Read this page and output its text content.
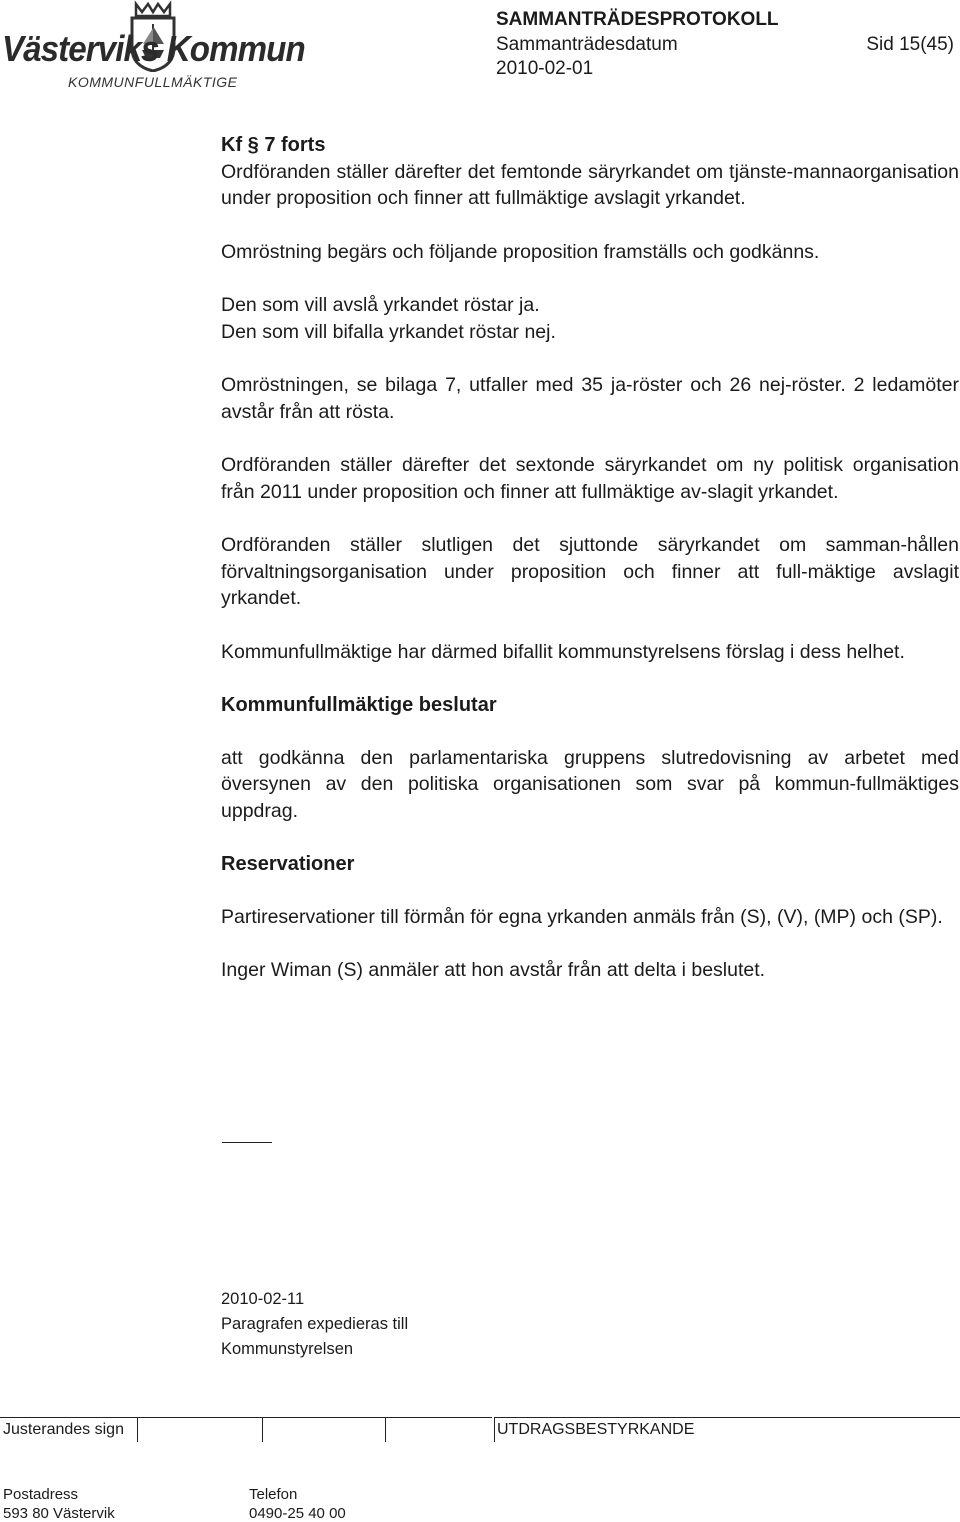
Västerviks Kommun
KOMMUNFULLMÄKTIGE
SAMMANTRÄDESPROTOKOLL
Sammanträdesdatum	Sid 15(45)
2010-02-01

Kf § 7 forts

Ordföranden ställer därefter det femtonde säryrkandet om tjänste-mannaorganisation under proposition och finner att fullmäktige avslagit yrkandet.

Omröstning begärs och följande proposition framställs och godkänns.

Den som vill avslå yrkandet röstar ja.

Den som vill bifalla yrkandet röstar nej.

Omröstningen, se bilaga 7, utfaller med 35 ja-röster och 26 nej-röster. 2 ledamöter avstår från att rösta.

Ordföranden ställer därefter det sextonde säryrkandet om ny politisk organisation från 2011 under proposition och finner att fullmäktige av-slagit yrkandet.

Ordföranden ställer slutligen det sjuttonde säryrkandet om samman-hållen förvaltningsorganisation under proposition och finner att full-mäktige avslagit yrkandet.

Kommunfullmäktige har därmed bifallit kommunstyrelsens förslag i dess helhet.

Kommunfullmäktige beslutar

att godkänna den parlamentariska gruppens slutredovisning av arbetet med översynen av den politiska organisationen som svar på kommun-fullmäktiges uppdrag.

Reservationer

Partireservationer till förmån för egna yrkanden anmäls från (S), (V), (MP) och (SP).

Inger Wiman (S) anmäler att hon avstår från att delta i beslutet.

2010-02-11
Paragrafen expedieras till
Kommunstyrelsen
Justerandes sign	UTDRAGSBESTYRKANDE
Postadress
593 80 Västervik
Telefon
0490-25 40 00
